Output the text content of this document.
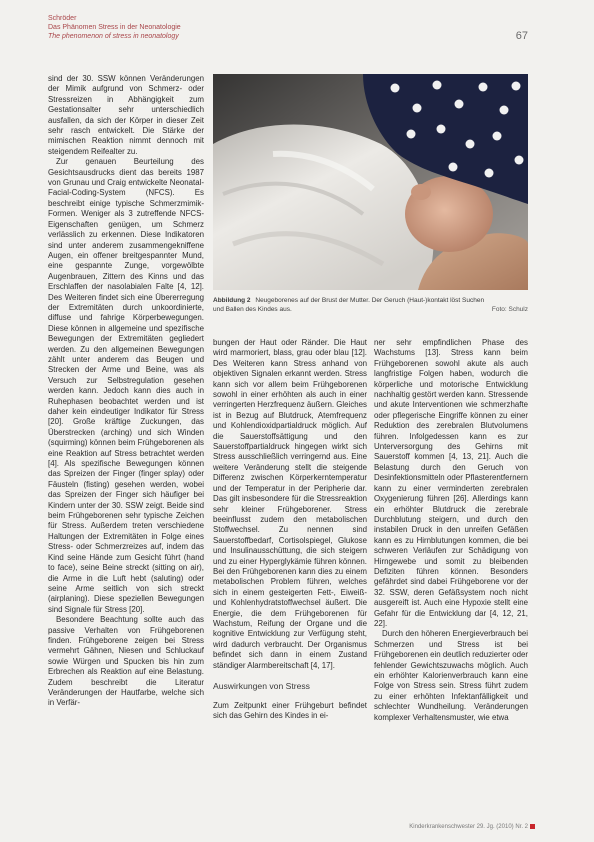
Schröder
Das Phänomen Stress in der Neonatologie
The phenomenon of stress in neonatology	67

sind der 30. SSW können Veränderungen der Mimik aufgrund von Schmerz- oder Stressreizen in Abhängigkeit zum Gestationsalter sehr unterschiedlich ausfallen, da sich der Körper in dieser Zeit sehr rasch entwickelt. Die Stärke der mimischen Reaktion nimmt dennoch mit steigendem Reifealter zu.

Zur genauen Beurteilung des Gesichtsausdrucks dient das bereits 1987 von Grunau und Craig entwickelte Neonatal-Facial-Coding-System (NFCS). Es beschreibt einige typische Schmerzmimik-Formen. Weniger als 3 zutreffende NFCS-Eigenschaften genügen, um Schmerz verlässlich zu erkennen. Diese Indikatoren sind unter anderem zusammengekniffene Augen, ein offener breitgespannter Mund, eine gespannte Zunge, vorgewölbte Augenbrauen, Zittern des Kinns und das Erschlaffen der nasolabialen Falte [4, 12]. Des Weiteren findet sich eine Übererregung der Extremitäten durch unkoordinierte, diffuse und fahrige Körperbewegungen. Diese können in allgemeine und spezifische Bewegungen der Extremitäten gegliedert werden. Zu den allgemeinen Bewegungen zählt unter anderem das Beugen und Strecken der Arme und Beine, was als Versuch zur Selbstregulation gesehen werden kann. Jedoch kann dies auch in Ruhephasen beobachtet werden und ist daher kein eindeutiger Indikator für Stress [20]. Große kräftige Zuckungen, das Überstrecken (arching) und sich Winden (squirming) können beim Frühgeborenen als eine Reaktion auf Stress betrachtet werden [4]. Als spezifische Bewegungen können das Spreizen der Finger (finger splay) oder Fäusteln (fisting) gesehen werden, wobei das Spreizen der Finger sich häufiger bei Kindern unter der 30. SSW zeigt. Beide sind beim Frühgeborenen sehr typische Zeichen für Stress. Außerdem treten verschiedene Haltungen der Extremitäten in Folge eines Stress- oder Schmerzreizes auf, indem das Kind seine Hände zum Gesicht führt (hand to face), seine Beine streckt (sitting on air), die Arme in die Luft hebt (saluting) oder seine Arme seitlich von sich streckt (airplaning). Diese speziellen Bewegungen sind Signale für Stress [20].

Besondere Beachtung sollte auch das passive Verhalten von Frühgeborenen finden. Frühgeborene zeigen bei Stress vermehrt Gähnen, Niesen und Schluckauf sowie Würgen und Spucken bis hin zum Erbrechen als Reaktion auf eine Belastung. Zudem beschreibt die Literatur Veränderungen der Hautfarbe, welche sich in Verfär-

Foto: Schulz
Abbildung 2 Neugeborenes auf der Brust der Mutter. Der Geruch (Haut-)kontakt löst Suchen und Ballen des Kindes aus.

bungen der Haut oder Ränder. Die Haut wird marmoriert, blass, grau oder blau [12]. Des Weiteren kann Stress anhand von objektiven Signalen erkannt werden. Stress kann sich vor allem beim Frühgeborenen sowohl in einer erhöhten als auch in einer verringerten Herzfrequenz äußern. Gleiches ist in Bezug auf Blutdruck, Atemfrequenz und Kohlendioxidpartialdruck möglich. Auf die Sauerstoffsättigung und den Sauerstoffpartialdruck hingegen wirkt sich Stress ausschließlich verringernd aus. Eine weitere Veränderung stellt die steigende Differenz zwischen Körperkerntemperatur und der Temperatur in der Peripherie dar. Das gilt insbesondere für die Stressreaktion sehr kleiner Frühgeborener. Stress beeinflusst zudem den metabolischen Stoffwechsel. Zu nennen sind Sauerstoffbedarf, Cortisolspiegel, Glukose und Insulinausschüttung, die sich steigern und zu einer Hyperglykämie führen können. Bei den Frühgeborenen kann dies zu einem metabolischen Problem führen, welches sich in einem gesteigerten Fett-, Eiweiß- und Kohlenhydratstoffwechsel äußert. Die Energie, die dem Frühgeborenen für Wachstum, Reifung der Organe und die kognitive Entwicklung zur Verfügung steht, wird dadurch verbraucht. Der Organismus befindet sich dann in einem Zustand ständiger Alarmbereitschaft [4, 17].

Auswirkungen von Stress

Zum Zeitpunkt einer Frühgeburt befindet sich das Gehirn des Kindes in ei-

ner sehr empfindlichen Phase des Wachstums [13]. Stress kann beim Frühgeborenen sowohl akute als auch langfristige Folgen haben, wodurch die körperliche und motorische Entwicklung nachhaltig gestört werden kann. Stressende und akute Interventionen wie schmerzhafte oder pflegerische Eingriffe können zu einer Reduktion des zerebralen Blutvolumens führen. Infolgedessen kann es zur Unterversorgung des Gehirns mit Sauerstoff kommen [4, 13, 21]. Auch die Belastung durch den Geruch von Desinfektionsmitteln oder Pflasterentfernern kann zu einer verminderten zerebralen Oxygenierung führen [26]. Allerdings kann ein erhöhter Blutdruck die zerebrale Durchblutung steigern, und durch den instabilen Druck in den unreifen Gefäßen kann es zu Hirnblutungen kommen, die bei schweren Verläufen zur Schädigung von Hirngewebe und somit zu bleibenden Defiziten führen können. Besonders gefährdet sind dabei Frühgeborene vor der 32. SSW, deren Gefäßsystem noch nicht ausgereift ist. Auch eine Hypoxie stellt eine Gefahr für die Entwicklung dar [4, 12, 21, 22].

Durch den höheren Energieverbrauch bei Schmerzen und Stress ist bei Frühgeborenen ein deutlich reduzierter oder fehlender Gewichtszuwachs möglich. Auch ein erhöhter Kalorienverbrauch kann eine Folge von Stress sein. Stress führt zudem zu einer erhöhten Infektanfälligkeit und schlechter Wundheilung. Veränderungen komplexer Verhaltensmuster, wie etwa

Kinderkrankenschwester 29. Jg. (2010) Nr. 2
